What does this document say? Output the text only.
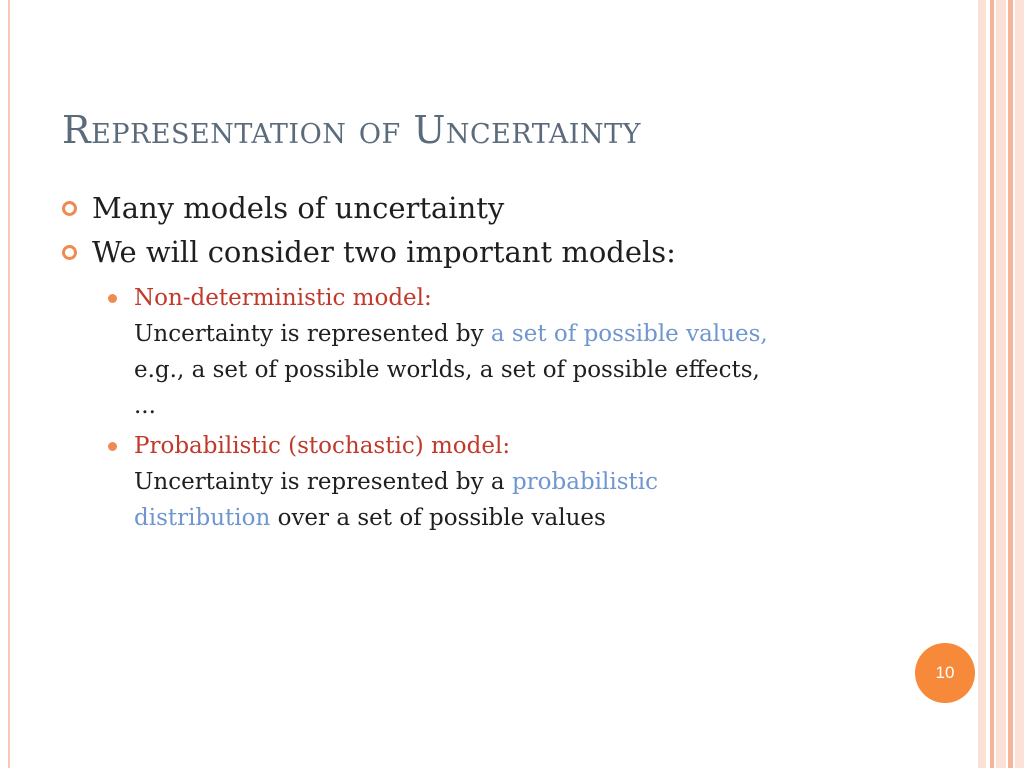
Representation of Uncertainty
Many models of uncertainty
We will consider two important models:
Non-deterministic model:

Uncertainty is represented by a set of possible values,

e.g., a set of possible worlds, a set of possible effects,

...

Probabilistic (stochastic) model:

Uncertainty is represented by a probabilistic

distribution over a set of possible values

10
